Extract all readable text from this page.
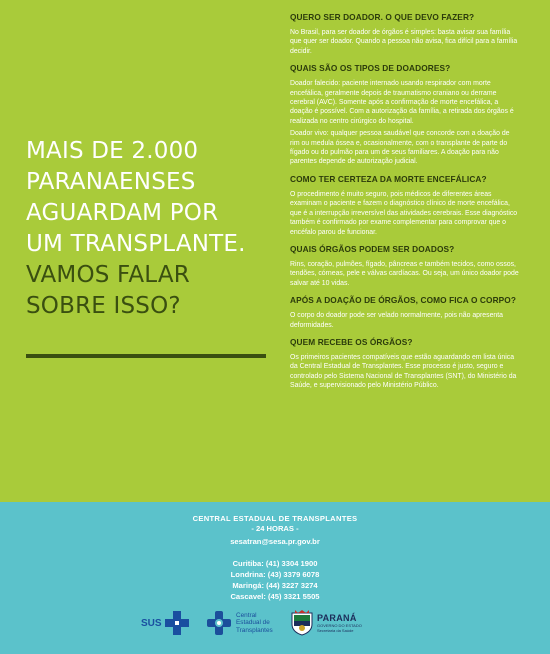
MAIS DE 2.000
PARANAENSES
AGUARDAM POR
UM TRANSPLANTE.
VAMOS FALAR
SOBRE ISSO?
QUERO SER DOADOR. O QUE DEVO FAZER?

No Brasil, para ser doador de órgãos é simples: basta avisar sua família que quer ser doador. Quando a pessoa não avisa, fica difícil para a família decidir.

QUAIS SÃO OS TIPOS DE DOADORES?

Doador falecido: paciente internado usando respirador com morte encefálica, geralmente depois de traumatismo craniano ou derrame cerebral (AVC). Somente após a confirmação de morte encefálica, a doação é possível. Com a autorização da família, a retirada dos órgãos é realizada no centro cirúrgico do hospital.

Doador vivo: qualquer pessoa saudável que concorde com a doação de rim ou medula óssea e, ocasionalmente, com o transplante de parte do fígado ou do pulmão para um de seus familiares. A doação para não parentes depende de autorização judicial.

COMO TER CERTEZA DA MORTE ENCEFÁLICA?

O procedimento é muito seguro, pois médicos de diferentes áreas examinam o paciente e fazem o diagnóstico clínico de morte encefálica, que é a interrupção irreversível das atividades cerebrais. Esse diagnóstico também é confirmado por exame complementar para comprovar que o encéfalo parou de funcionar.

QUAIS ÓRGÃOS PODEM SER DOADOS?

Rins, coração, pulmões, fígado, pâncreas e também tecidos, como ossos, tendões, córneas, pele e válvas cardíacas. Ou seja, um único doador pode salvar até 10 vidas.

APÓS A DOAÇÃO DE ÓRGÃOS, COMO FICA O CORPO?

O corpo do doador pode ser velado normalmente, pois não apresenta deformidades.

QUEM RECEBE OS ÓRGÃOS?

Os primeiros pacientes compatíveis que estão aguardando em lista única da Central Estadual de Transplantes. Esse processo é justo, seguro e controlado pelo Sistema Nacional de Transplantes (SNT), do Ministério da Saúde, e supervisionado pelo Ministério Público.

CENTRAL ESTADUAL DE TRANSPLANTES
- 24 HORAS -
sesatran@sesa.pr.gov.br
Curitiba: (41) 3304 1900
Londrina: (43) 3379 6078
Maringá: (44) 3227 3274
Cascavel: (45) 3321 5505
SUS
Central
Estadual de
Transplantes
PARANÁ
GOVERNO DO ESTADO
Secretaria da Saúde
